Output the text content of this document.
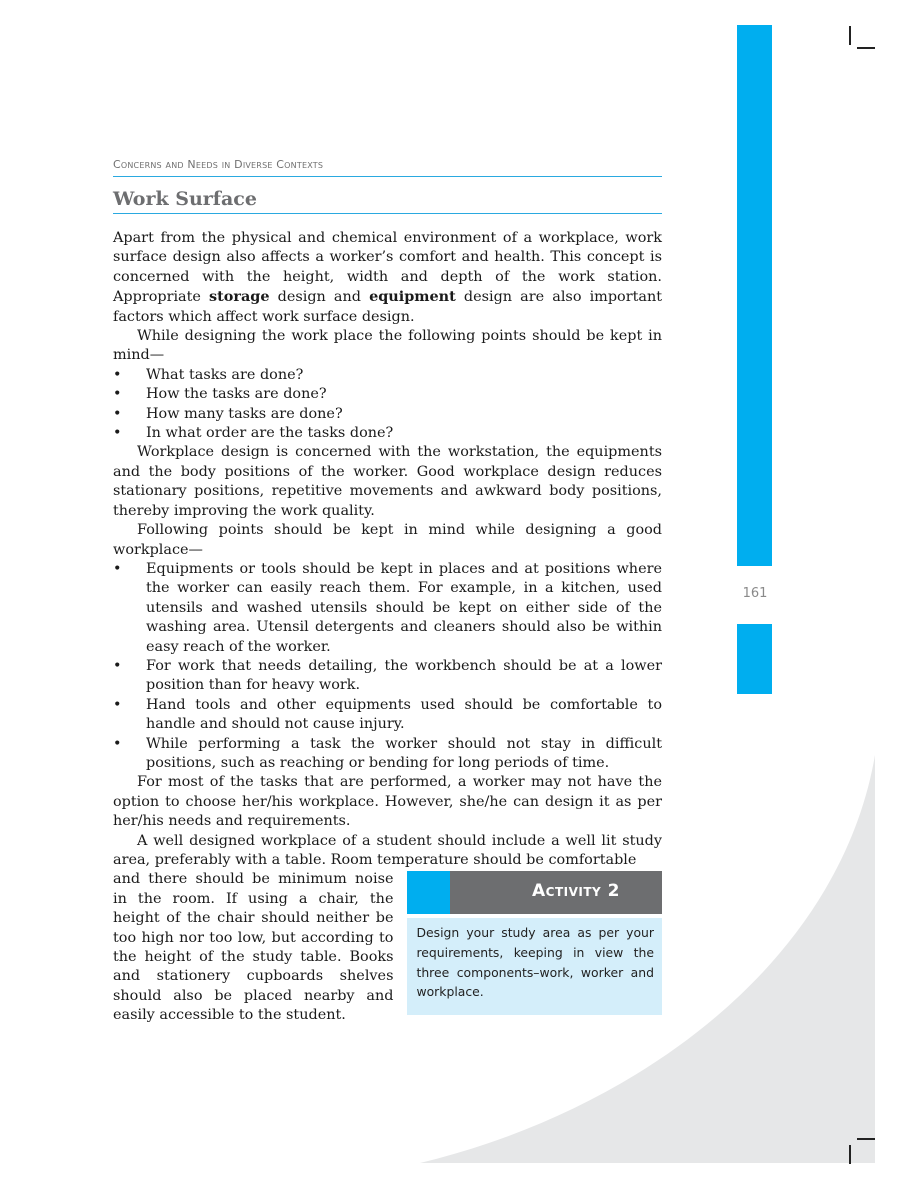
161
Concerns and Needs in Diverse Contexts
Work Surface

Apart from the physical and chemical environment of a workplace, work surface design also affects a worker’s comfort and health. This concept is concerned with the height, width and depth of the work station. Appropriate storage design and equipment design are also important factors which affect work surface design.

While designing the work place the following points should be kept in mind—

• What tasks are done?
• How the tasks are done?
• How many tasks are done?
• In what order are the tasks done?

Workplace design is concerned with the workstation, the equipments and the body positions of the worker. Good workplace design reduces stationary positions, repetitive movements and awkward body positions, thereby improving the work quality.

Following points should be kept in mind while designing a good workplace—

• Equipments or tools should be kept in places and at positions where the worker can easily reach them. For example, in a kitchen, used utensils and washed utensils should be kept on either side of the washing area. Utensil detergents and cleaners should also be within easy reach of the worker.
• For work that needs detailing, the workbench should be at a lower position than for heavy work.
• Hand tools and other equipments used should be comfortable to handle and should not cause injury.
• While performing a task the worker should not stay in difficult positions, such as reaching or bending for long periods of time.

For most of the tasks that are performed, a worker may not have the option to choose her/his workplace. However, she/he can design it as per her/his needs and requirements.

A well designed workplace of a student should include a well lit study area, preferably with a table. Room temperature should be comfortable

and there should be minimum noise in the room. If using a chair, the height of the chair should neither be too high nor too low, but according to the height of the study table. Books and stationery cupboards shelves should also be placed nearby and easily accessible to the student.

Activity 2
Design your study area as per your requirements, keeping in view the three components–work, worker and workplace.
